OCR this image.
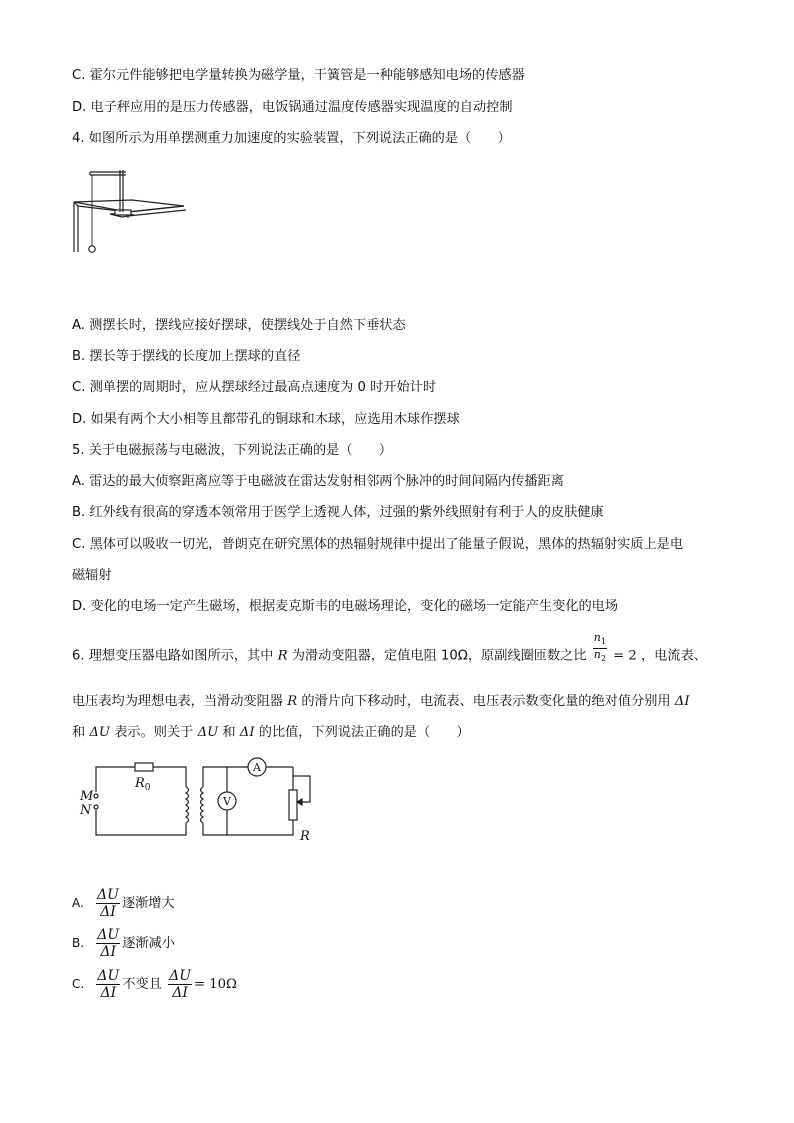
C. 霍尔元件能够把电学量转换为磁学量，干簧管是一种能够感知电场的传感器
D. 电子秤应用的是压力传感器，电饭锅通过温度传感器实现温度的自动控制
4. 如图所示为用单摆测重力加速度的实验装置，下列说法正确的是（　　）
A. 测摆长时，摆线应接好摆球，使摆线处于自然下垂状态
B. 摆长等于摆线的长度加上摆球的直径
C. 测单摆的周期时，应从摆球经过最高点速度为 0 时开始计时
D. 如果有两个大小相等且都带孔的铜球和木球，应选用木球作摆球
5. 关于电磁振荡与电磁波，下列说法正确的是（　　）
A. 雷达的最大侦察距离应等于电磁波在雷达发射相邻两个脉冲的时间间隔内传播距离
B. 红外线有很高的穿透本领常用于医学上透视人体，过强的紫外线照射有利于人的皮肤健康
C. 黑体可以吸收一切光，普朗克在研究黑体的热辐射规律中提出了能量子假说，黑体的热辐射实质上是电
磁辐射
D. 变化的电场一定产生磁场，根据麦克斯韦的电磁场理论，变化的磁场一定能产生变化的电场
6. 理想变压器电路如图所示，其中 R 为滑动变阻器，定值电阻 10Ω，原副线圈匝数之比 $\frac{n_1}{n_2} = 2$ ，电流表、
电压表均为理想电表，当滑动变阻器 R 的滑片向下移动时，电流表、电压表示数变化量的绝对值分别用 ΔI
和 ΔU 表示。则关于 ΔU 和 ΔI 的比值，下列说法正确的是（　　）
M
N
$R_0$
R
A
V
A. $\frac{\Delta U}{\Delta I}$ 逐渐增大
B. $\frac{\Delta U}{\Delta I}$ 逐渐减小
C. $\frac{\Delta U}{\Delta I}$ 不变且 $\frac{\Delta U}{\Delta I} = 10\Omega$
